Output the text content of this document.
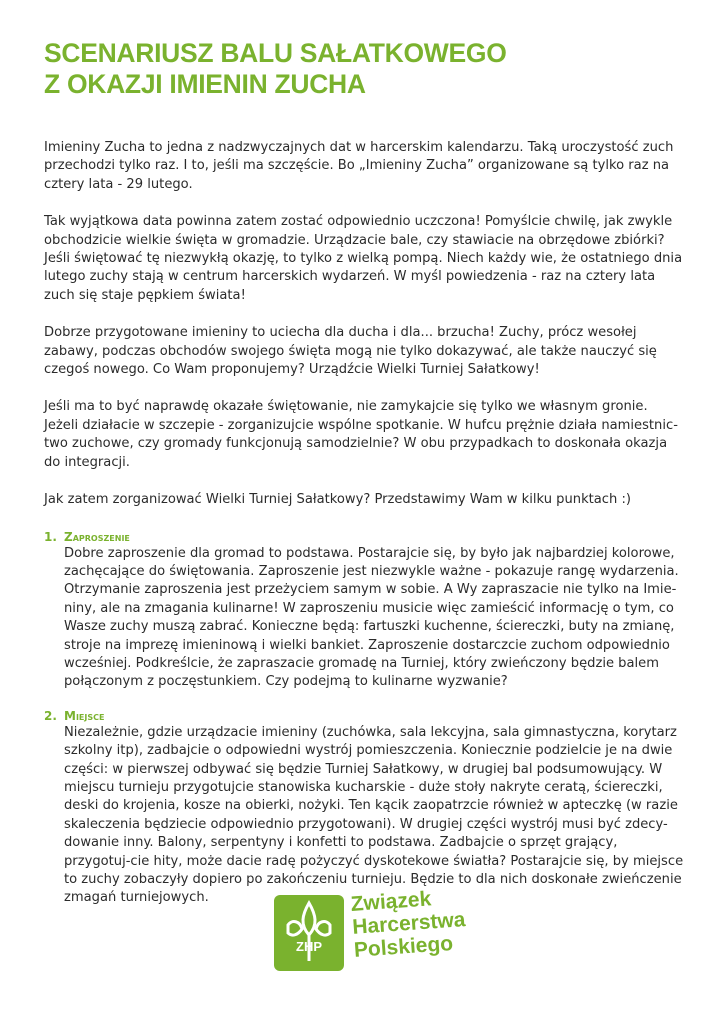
SCENARIUSZ BALU SAŁATKOWEGO
Z OKAZJI IMIENIN ZUCHA

Imieniny Zucha to jedna z nadzwyczajnych dat w harcerskim kalendarzu. Taką uroczystość zuch przechodzi tylko raz. I to, jeśli ma szczęście. Bo „Imieniny Zucha” organizowane są tylko raz na cztery lata - 29 lutego.

Tak wyjątkowa data powinna zatem zostać odpowiednio uczczona! Pomyślcie chwilę, jak zwykle obchodzicie wielkie święta w gromadzie. Urządzacie bale, czy stawiacie na obrzędowe zbiórki? Jeśli świętować tę niezwykłą okazję, to tylko z wielką pompą. Niech każdy wie, że ostatniego dnia lutego zuchy stają w centrum harcerskich wydarzeń. W myśl powiedzenia - raz na cztery lata zuch się staje pępkiem świata!

Dobrze przygotowane imieniny to uciecha dla ducha i dla... brzucha! Zuchy, prócz wesołej zabawy, podczas obchodów swojego święta mogą nie tylko dokazywać, ale także nauczyć się czegoś nowego. Co Wam proponujemy? Urządźcie Wielki Turniej Sałatkowy!

Jeśli ma to być naprawdę okazałe świętowanie, nie zamykajcie się tylko we własnym gronie. Jeżeli działacie w szczepie - zorganizujcie wspólne spotkanie. W hufcu prężnie działa namiestnic-two zuchowe, czy gromady funkcjonują samodzielnie? W obu przypadkach to doskonała okazja do integracji.

Jak zatem zorganizować Wielki Turniej Sałatkowy? Przedstawimy Wam w kilku punktach :)

1. Zaproszenie

Dobre zaproszenie dla gromad to podstawa. Postarajcie się, by było jak najbardziej kolorowe, zachęcające do świętowania. Zaproszenie jest niezwykle ważne - pokazuje rangę wydarzenia. Otrzymanie zaproszenia jest przeżyciem samym w sobie. A Wy zapraszacie nie tylko na Imie-niny, ale na zmagania kulinarne! W zaproszeniu musicie więc zamieścić informację o tym, co Wasze zuchy muszą zabrać. Konieczne będą: fartuszki kuchenne, ściereczki, buty na zmianę, stroje na imprezę imieninową i wielki bankiet. Zaproszenie dostarczcie zuchom odpowiednio wcześniej. Podkreślcie, że zapraszacie gromadę na Turniej, który zwieńczony będzie balem połączonym z poczęstunkiem. Czy podejmą to kulinarne wyzwanie?

2. Miejsce

Niezależnie, gdzie urządzacie imieniny (zuchówka, sala lekcyjna, sala gimnastyczna, korytarz szkolny itp), zadbajcie o odpowiedni wystrój pomieszczenia. Koniecznie podzielcie je na dwie części: w pierwszej odbywać się będzie Turniej Sałatkowy, w drugiej bal podsumowujący. W miejscu turnieju przygotujcie stanowiska kucharskie - duże stoły nakryte ceratą, ściereczki, deski do krojenia, kosze na obierki, nożyki. Ten kącik zaopatrzcie również w apteczkę (w razie skaleczenia będziecie odpowiednio przygotowani). W drugiej części wystrój musi być zdecy-dowanie inny. Balony, serpentyny i konfetti to podstawa. Zadbajcie o sprzęt grający, przygotuj-cie hity, może dacie radę pożyczyć dyskotekowe światła? Postarajcie się, by miejsce to zuchy zobaczyły dopiero po zakończeniu turnieju. Będzie to dla nich doskonałe zwieńczenie zmagań turniejowych.

ZHP
Związek
Harcerstwa
Polskiego
